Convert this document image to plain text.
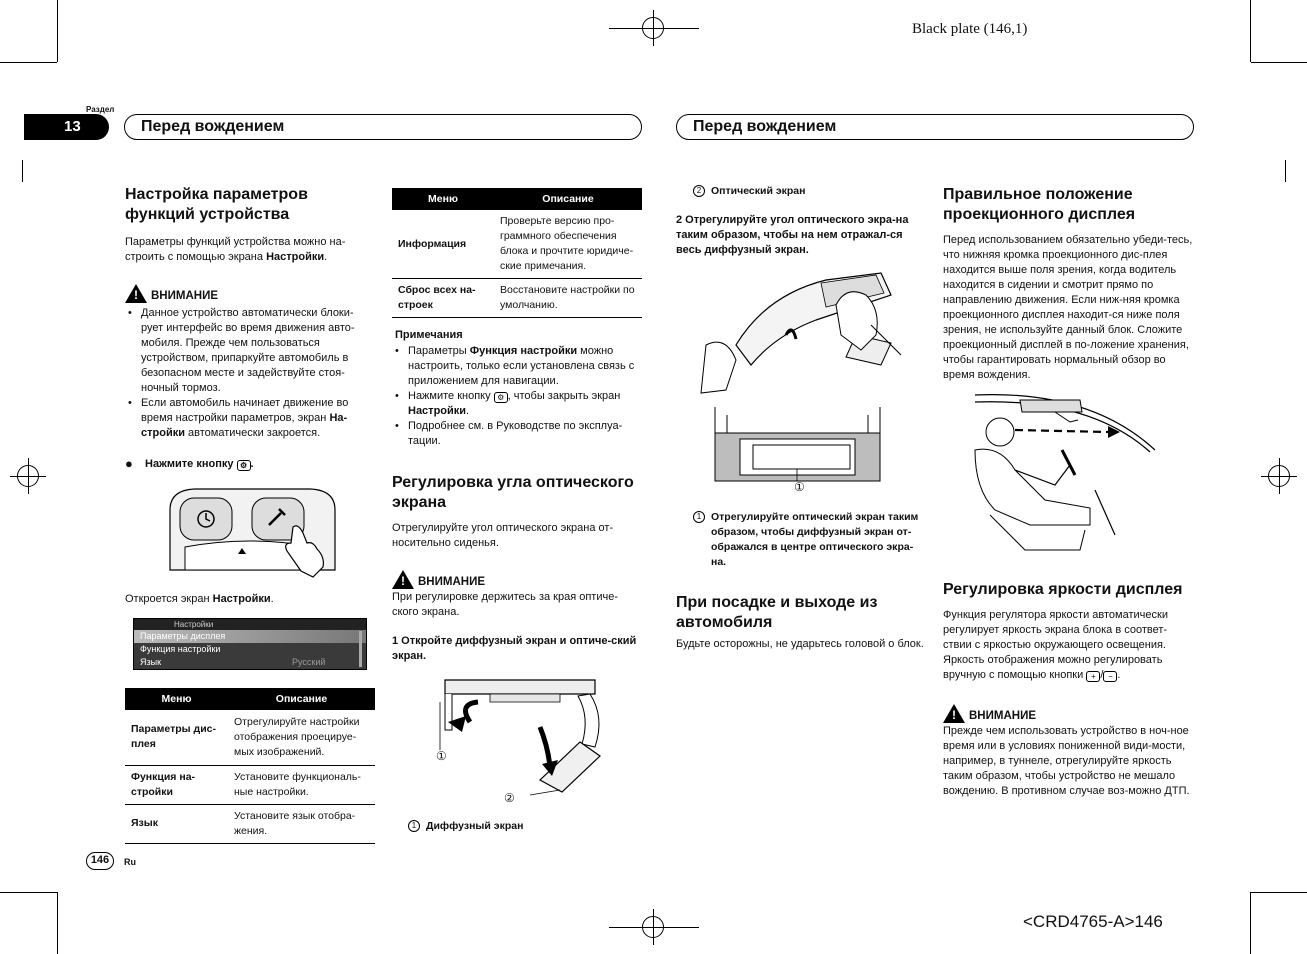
Black plate (146,1)
<CRD4765-A>146
Раздел
13	Перед вождением	Перед вождением
146	Ru
Настройка параметров функций устройства

Параметры функций устройства можно на-строить с помощью экрана Настройки.

! ВНИМАНИЕ
• Данное устройство автоматически блоки-рует интерфейс во время движения авто-мобиля. Прежде чем пользоваться устройством, припаркуйте автомобиль в безопасном месте и задействуйте стоя-ночный тормоз.
• Если автомобиль начинает движение во время настройки параметров, экран На-стройки автоматически закроется.
● Нажмите кнопку ⚙ .

Откроется экран Настройки.

Настройки
Параметры дисплея
Функция настройки
Язык	Русский
Меню	Описание
Параметры дис-плея	Отрегулируйте настройки отображения проецируе-мых изображений.
Функция на-стройки	Установите функциональ-ные настройки.
Язык	Установите язык отобра-жения.
Меню	Описание
Информация	Проверьте версию про-граммного обеспечения блока и прочтите юридиче-ские примечания.
Сброс всех на-строек	Восстановите настройки по умолчанию.
Примечания
• Параметры Функция настройки можно настроить, только если установлена связь с приложением для навигации.
• Нажмите кнопку ⚙ , чтобы закрыть экран Настройки.
• Подробнее см. в Руководстве по эксплуа-тации.
Регулировка угла оптического экрана

Отрегулируйте угол оптического экрана от-носительно сиденья.

! ВНИМАНИЕ

При регулировке держитесь за края оптиче-ского экрана.

1 Откройте диффузный экран и оптиче-ский экран.
①
②
1 Диффузный экран
2 Оптический экран
2 Отрегулируйте угол оптического экра-на таким образом, чтобы на нем отражал-ся весь диффузный экран.
①
1 Отрегулируйте оптический экран таким образом, чтобы диффузный экран от-ображался в центре оптического экра-на.
При посадке и выходе из автомобиля

Будьте осторожны, не ударьтесь головой о блок.

Правильное положение проекционного дисплея

Перед использованием обязательно убеди-тесь, что нижняя кромка проекционного дис-плея находится выше поля зрения, когда водитель находится в сидении и смотрит прямо по направлению движения. Если ниж-няя кромка проекционного дисплея находит-ся ниже поля зрения, не используйте данный блок. Сложите проекционный дисплей в по-ложение хранения, чтобы гарантировать нормальный обзор во время вождения.

Регулировка яркости дисплея

Функция регулятора яркости автоматически регулирует яркость экрана блока в соответ-ствии с яркостью окружающего освещения. Яркость отображения можно регулировать вручную с помощью кнопки + / − .

! ВНИМАНИЕ

Прежде чем использовать устройство в ноч-ное время или в условиях пониженной види-мости, например, в туннеле, отрегулируйте яркость таким образом, чтобы устройство не мешало вождению. В противном случае воз-можно ДТП.
